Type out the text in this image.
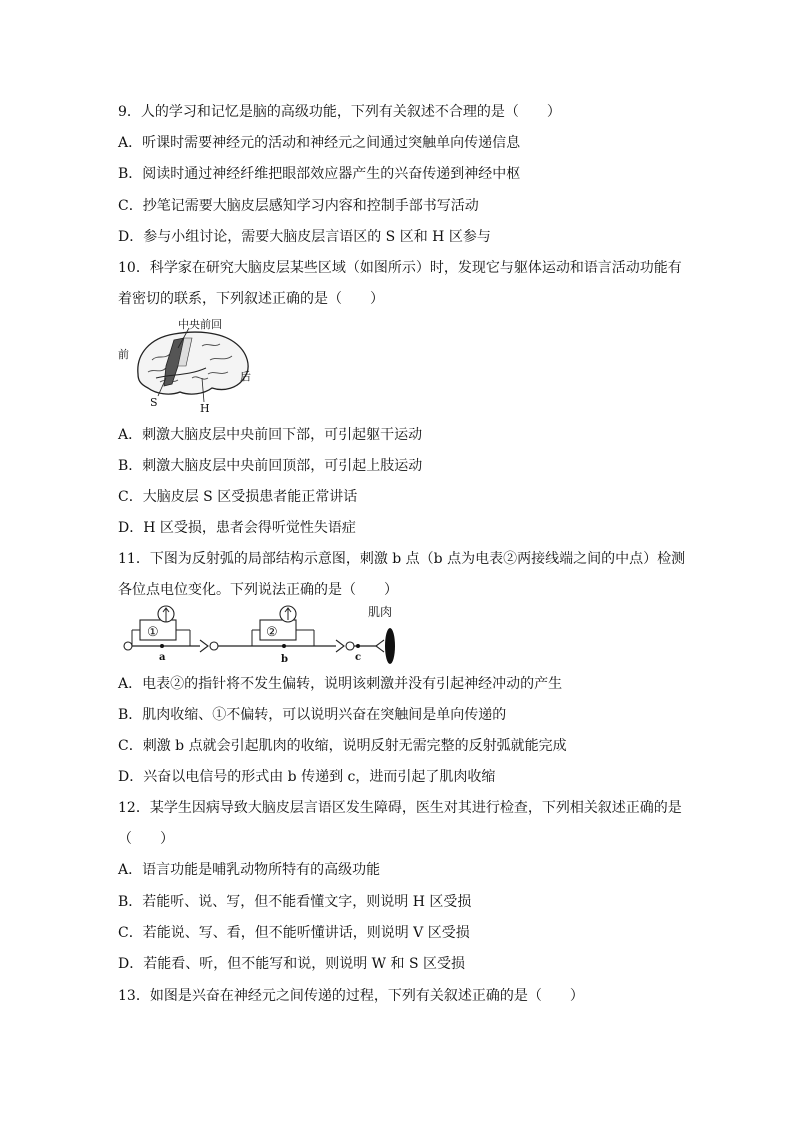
9．人的学习和记忆是脑的高级功能，下列有关叙述不合理的是（　　）
A．听课时需要神经元的活动和神经元之间通过突触单向传递信息
B．阅读时通过神经纤维把眼部效应器产生的兴奋传递到神经中枢
C．抄笔记需要大脑皮层感知学习内容和控制手部书写活动
D．参与小组讨论，需要大脑皮层言语区的 S 区和 H 区参与
10．科学家在研究大脑皮层某些区域（如图所示）时，发现它与躯体运动和语言活动功能有
着密切的联系，下列叙述正确的是（　　）
中央前回
前
后
S	H
A．刺激大脑皮层中央前回下部，可引起躯干运动
B．刺激大脑皮层中央前回顶部，可引起上肢运动
C．大脑皮层 S 区受损患者能正常讲话
D．H 区受损，患者会得听觉性失语症
11．下图为反射弧的局部结构示意图，刺激 b 点（b 点为电表②两接线端之间的中点）检测
各位点电位变化。下列说法正确的是（　　）
肌肉
①	②
a	b	c
A．电表②的指针将不发生偏转，说明该刺激并没有引起神经冲动的产生
B．肌肉收缩、①不偏转，可以说明兴奋在突触间是单向传递的
C．刺激 b 点就会引起肌肉的收缩，说明反射无需完整的反射弧就能完成
D．兴奋以电信号的形式由 b 传递到 c，进而引起了肌肉收缩
12．某学生因病导致大脑皮层言语区发生障碍，医生对其进行检查，下列相关叙述正确的是
（　　）
A．语言功能是哺乳动物所特有的高级功能
B．若能听、说、写，但不能看懂文字，则说明 H 区受损
C．若能说、写、看，但不能听懂讲话，则说明 V 区受损
D．若能看、听，但不能写和说，则说明 W 和 S 区受损
13．如图是兴奋在神经元之间传递的过程，下列有关叙述正确的是（　　）
